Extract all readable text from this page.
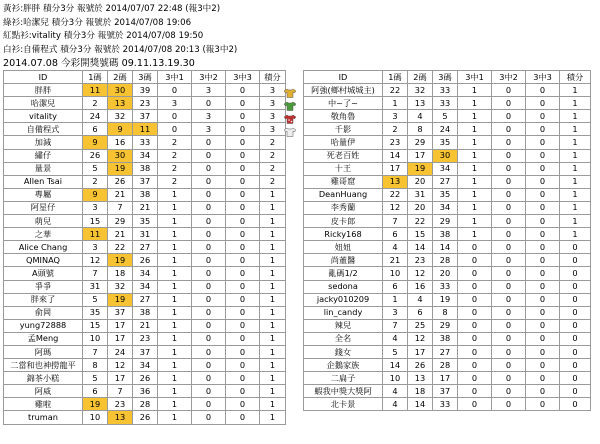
黃衫:胖胖 積分3分 報號於 2014/07/07 22:48 (報3中2)
綠衫:哈潔兒 積分3分 報號於 2014/07/08 19:06
紅點衫:vitality 積分3分 報號於 2014/07/08 19:50
白衫:自備程式 積分3分 報號於 2014/07/08 20:13 (報3中2)
2014.07.08 今彩開獎號碼 09.11.13.19.30
ID	1碼	2碼	3碼	3中1	3中2	3中3	積分
胖胖	11	30	39	0	3	0	3
哈潔兒	2	13	23	3	0	0	3
vitality	24	32	37	0	3	0	3
自備程式	6	9	11	0	3	0	3
加減	9	16	33	2	0	0	2
繡仔	26	30	34	2	0	0	2
量景	5	19	38	2	0	0	2
Allen Tsai	2	26	37	2	0	0	2
專屬	9	21	38	1	0	0	1
阿星仔	3	7	21	1	0	0	1
萌兒	15	29	35	1	0	0	1
之華	11	21	31	1	0	0	1
Alice Chang	3	22	27	1	0	0	1
QMINAQ	12	19	26	1	0	0	1
A頭號	7	18	34	1	0	0	1
爭爭	31	32	34	1	0	0	1
胖來了	5	19	27	1	0	0	1
俞岡	35	37	38	1	0	0	1
yung72888	15	17	21	1	0	0	1
孟Meng	10	17	23	1	0	0	1
阿瑪	7	24	37	1	0	0	1
二當和也神撈龍平	8	12	34	1	0	0	1
錦茶小糕	5	17	26	1	0	0	1
阿威	6	7	36	1	0	0	1
雞啦	19	23	28	1	0	0	1
truman	10	13	26	1	0	0	1
ID	1碼	2碼	3碼	3中1	3中2	3中3	積分
阿強(鄉村城城主)	22	32	33	1	0	0	1
中~了~	1	13	33	1	0	0	1
敬角魯	3	4	5	1	0	0	1
千影	2	8	24	1	0	0	1
哈量伊	23	29	35	1	0	0	1
死老百姓	14	17	30	1	0	0	1
十王	17	19	34	1	0	0	1
雞哥窟	13	20	27	1	0	0	1
DeanHuang	22	31	35	1	0	0	1
李秀蘭	12	20	34	1	0	0	1
皮卡郎	7	22	29	1	0	0	1
Ricky168	6	15	38	1	0	0	1
妞妞	4	14	14	0	0	0	0
尚董醫	21	23	28	0	0	0	0
亂碼1/2	10	12	20	0	0	0	0
sedona	6	16	33	0	0	0	0
jacky010209	1	4	19	0	0	0	0
lin_candy	3	6	8	0	0	0	0
辣兒	7	25	29	0	0	0	0
全名	4	12	38	0	0	0	0
錢女	5	17	27	0	0	0	0
企鵝家族	14	26	28	0	0	0	0
二扁子	10	13	17	0	0	0	0
蝦我中獎大獎阿	4	18	37	0	0	0	0
北卡景	4	14	33	0	0	0	0
